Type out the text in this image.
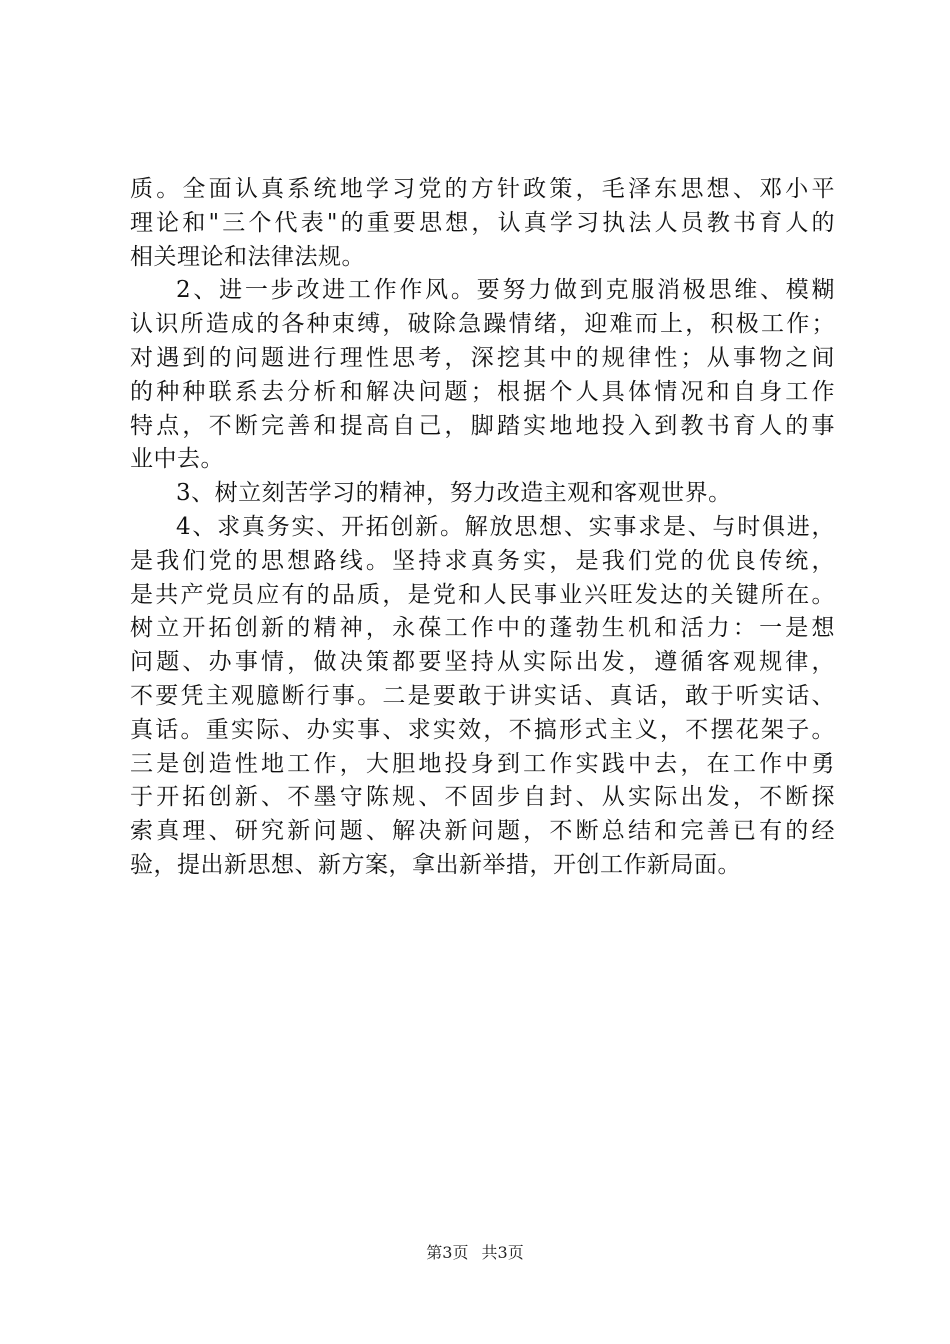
质。全面认真系统地学习党的方针政策，毛泽东思想、邓小平
理论和"三个代表"的重要思想，认真学习执法人员教书育人的
相关理论和法律法规。
2、进一步改进工作作风。要努力做到克服消极思维、模糊
认识所造成的各种束缚，破除急躁情绪，迎难而上，积极工作；
对遇到的问题进行理性思考，深挖其中的规律性；从事物之间
的种种联系去分析和解决问题；根据个人具体情况和自身工作
特点，不断完善和提高自己，脚踏实地地投入到教书育人的事
业中去。
3、树立刻苦学习的精神，努力改造主观和客观世界。
4、求真务实、开拓创新。解放思想、实事求是、与时俱进，
是我们党的思想路线。坚持求真务实，是我们党的优良传统，
是共产党员应有的品质，是党和人民事业兴旺发达的关键所在。
树立开拓创新的精神，永葆工作中的蓬勃生机和活力：一是想
问题、办事情，做决策都要坚持从实际出发，遵循客观规律，
不要凭主观臆断行事。二是要敢于讲实话、真话，敢于听实话、
真话。重实际、办实事、求实效，不搞形式主义，不摆花架子。
三是创造性地工作，大胆地投身到工作实践中去，在工作中勇
于开拓创新、不墨守陈规、不固步自封、从实际出发，不断探
索真理、研究新问题、解决新问题，不断总结和完善已有的经
验，提出新思想、新方案，拿出新举措，开创工作新局面。
第3页 共3页
